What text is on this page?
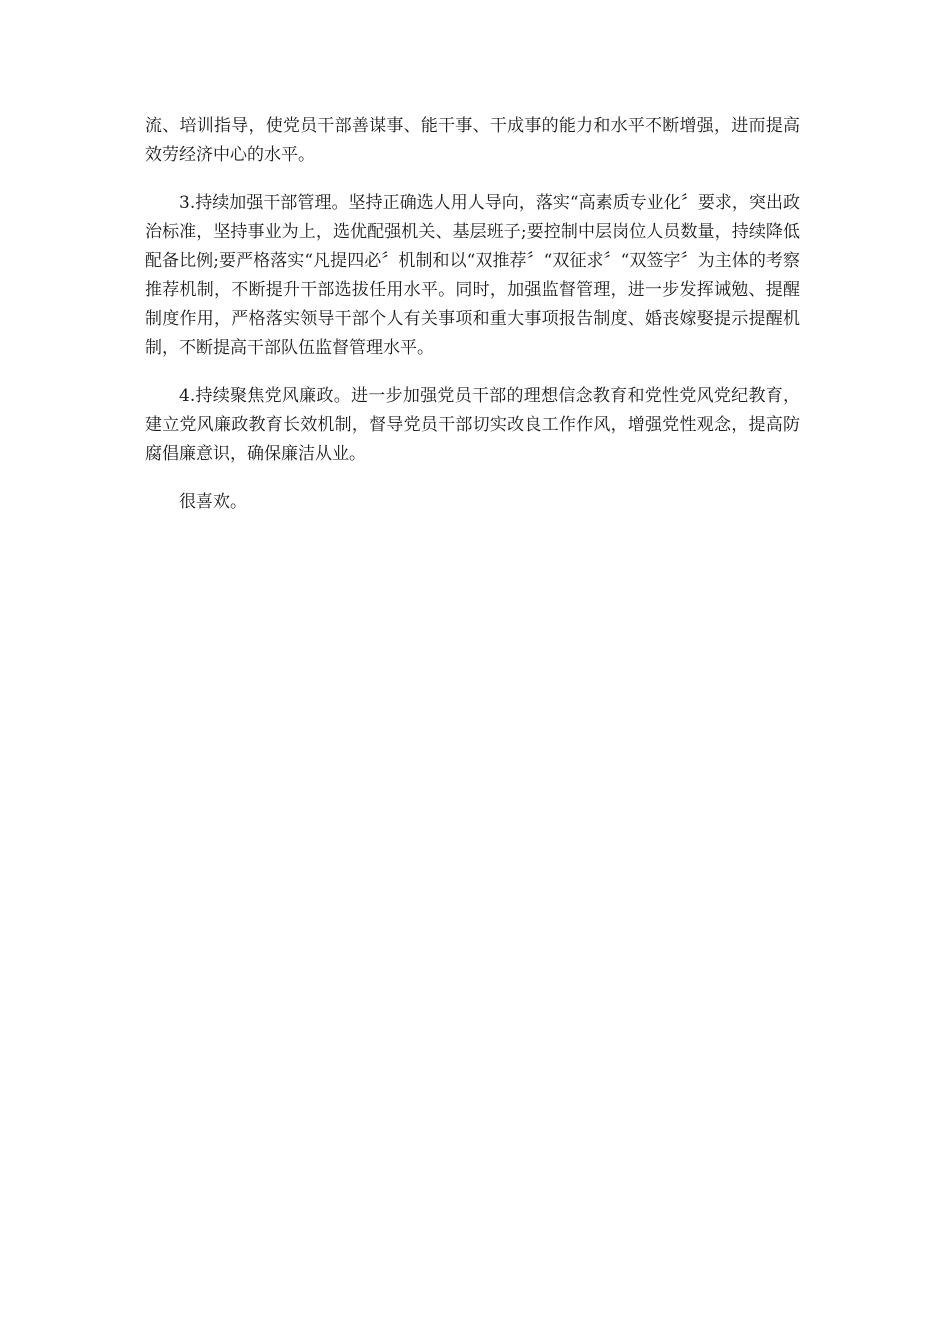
流、培训指导，使党员干部善谋事、能干事、干成事的能力和水平不断增强，进而提高效劳经济中心的水平。

3.持续加强干部管理。坚持正确选人用人导向，落实“高素质专业化〞要求，突出政治标准，坚持事业为上，选优配强机关、基层班子;要控制中层岗位人员数量，持续降低配备比例;要严格落实“凡提四必〞机制和以“双推荐〞“双征求〞“双签字〞为主体的考察推荐机制，不断提升干部选拔任用水平。同时，加强监督管理，进一步发挥诫勉、提醒制度作用，严格落实领导干部个人有关事项和重大事项报告制度、婚丧嫁娶提示提醒机制，不断提高干部队伍监督管理水平。

4.持续聚焦党风廉政。进一步加强党员干部的理想信念教育和党性党风党纪教育，建立党风廉政教育长效机制，督导党员干部切实改良工作作风，增强党性观念，提高防腐倡廉意识，确保廉洁从业。

很喜欢。
